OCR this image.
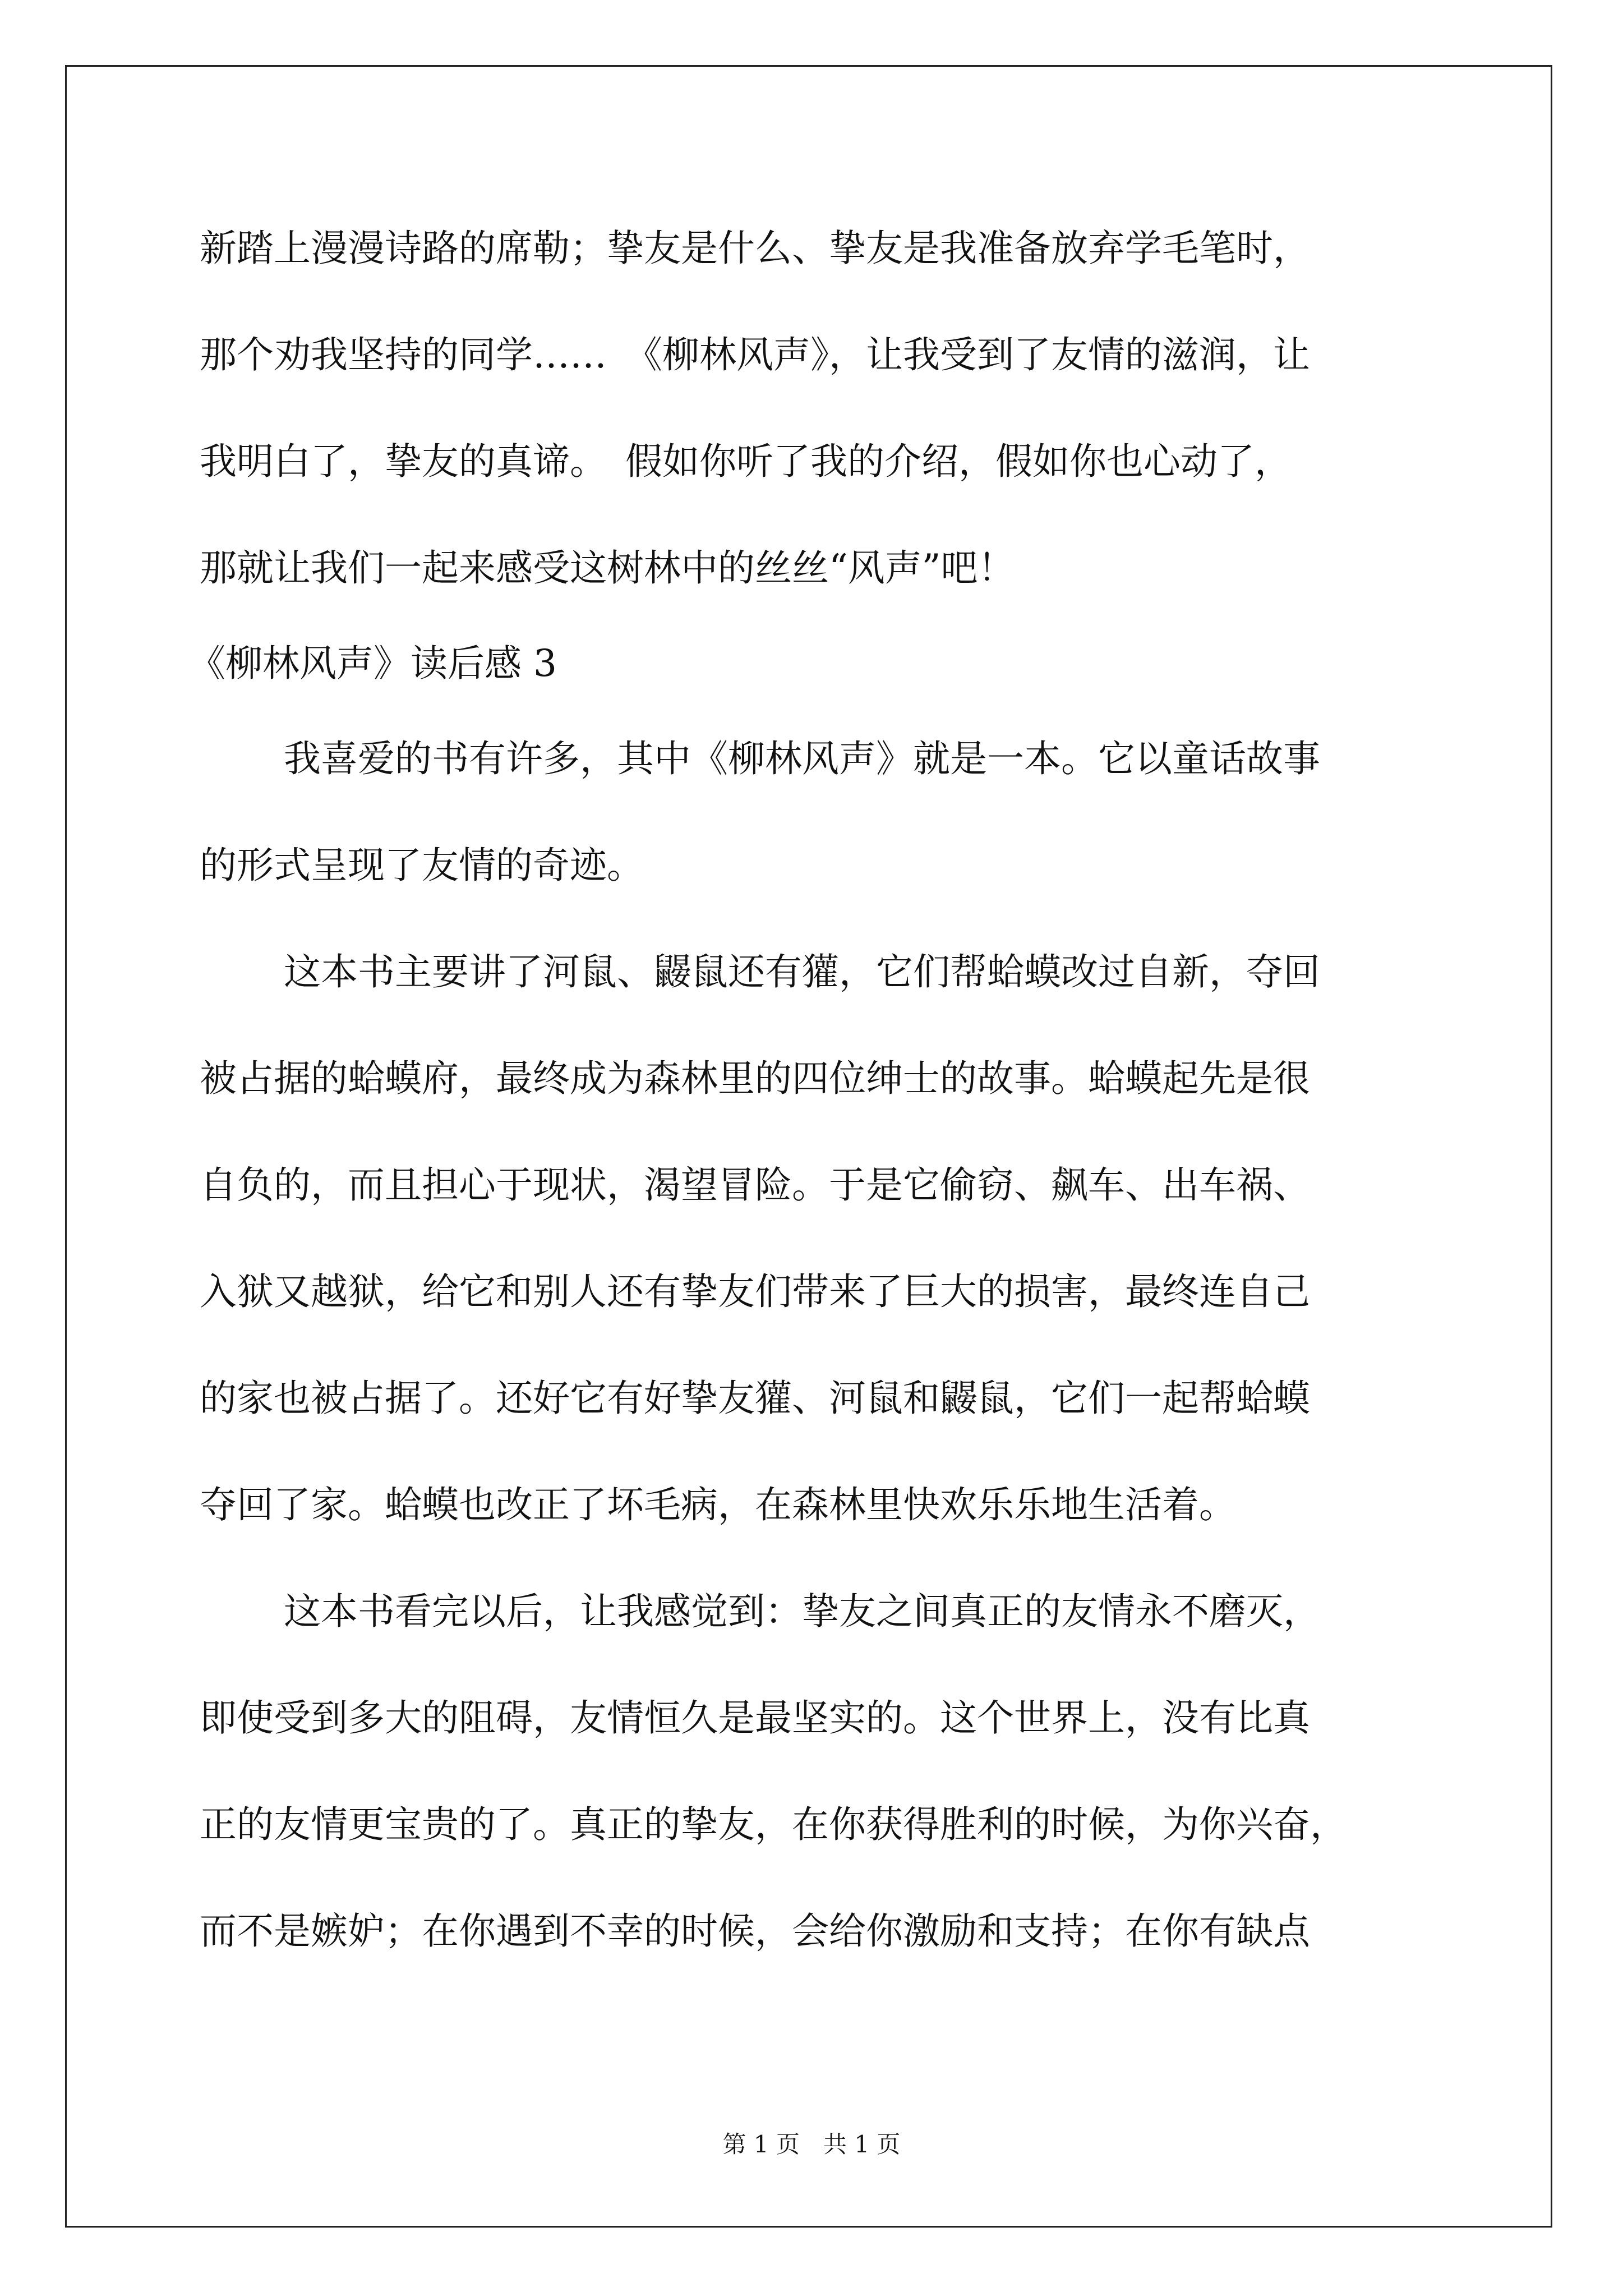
新踏上漫漫诗路的席勒；挚友是什么、挚友是我准备放弃学毛笔时，
那个劝我坚持的同学……　《柳林风声》，让我受到了友情的滋润，让
我明白了，挚友的真谛。　假如你听了我的介绍，假如你也心动了，
那就让我们一起来感受这树林中的丝丝“风声”吧！
《柳林风声》读后感 3
我喜爱的书有许多，其中《柳林风声》就是一本。它以童话故事
的形式呈现了友情的奇迹。
这本书主要讲了河鼠、鼹鼠还有獾，它们帮蛤蟆改过自新，夺回
被占据的蛤蟆府，最终成为森林里的四位绅士的故事。蛤蟆起先是很
自负的，而且担心于现状，渴望冒险。于是它偷窃、飙车、出车祸、
入狱又越狱，给它和别人还有挚友们带来了巨大的损害，最终连自己
的家也被占据了。还好它有好挚友獾、河鼠和鼹鼠，它们一起帮蛤蟆
夺回了家。蛤蟆也改正了坏毛病，在森林里快欢乐乐地生活着。
这本书看完以后，让我感觉到：挚友之间真正的友情永不磨灭，
即使受到多大的阻碍，友情恒久是最坚实的。这个世界上，没有比真
正的友情更宝贵的了。真正的挚友，在你获得胜利的时候，为你兴奋，
而不是嫉妒；在你遇到不幸的时候，会给你激励和支持；在你有缺点
第 1 页　共 1 页
